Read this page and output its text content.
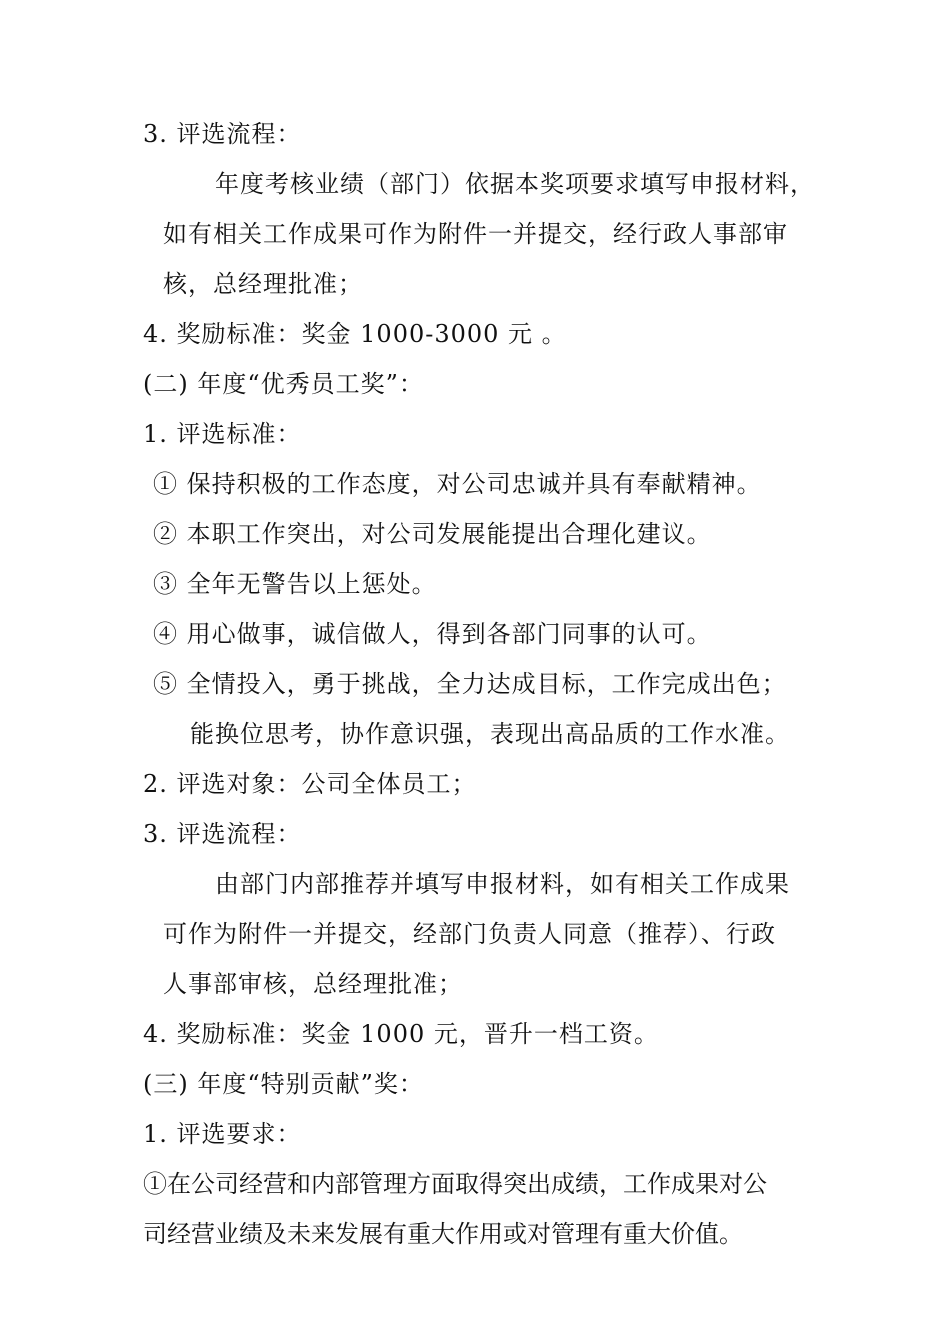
3. 评选流程：
年度考核业绩（部门）依据本奖项要求填写申报材料，
如有相关工作成果可作为附件一并提交，经行政人事部审
核，总经理批准；
4. 奖励标准：奖金 1000-3000 元 。
(二) 年度“优秀员工奖”：
1. 评选标准：
① 保持积极的工作态度，对公司忠诚并具有奉献精神。
② 本职工作突出，对公司发展能提出合理化建议。
③ 全年无警告以上惩处。
④ 用心做事，诚信做人，得到各部门同事的认可。
⑤ 全情投入，勇于挑战，全力达成目标，工作完成出色；
能换位思考，协作意识强，表现出高品质的工作水准。
2. 评选对象：公司全体员工；
3. 评选流程：
由部门内部推荐并填写申报材料，如有相关工作成果
可作为附件一并提交，经部门负责人同意（推荐）、行政
人事部审核，总经理批准；
4. 奖励标准：奖金 1000 元，晋升一档工资。
(三) 年度“特别贡献”奖：
1. 评选要求：
①在公司经营和内部管理方面取得突出成绩，工作成果对公
司经营业绩及未来发展有重大作用或对管理有重大价值。
